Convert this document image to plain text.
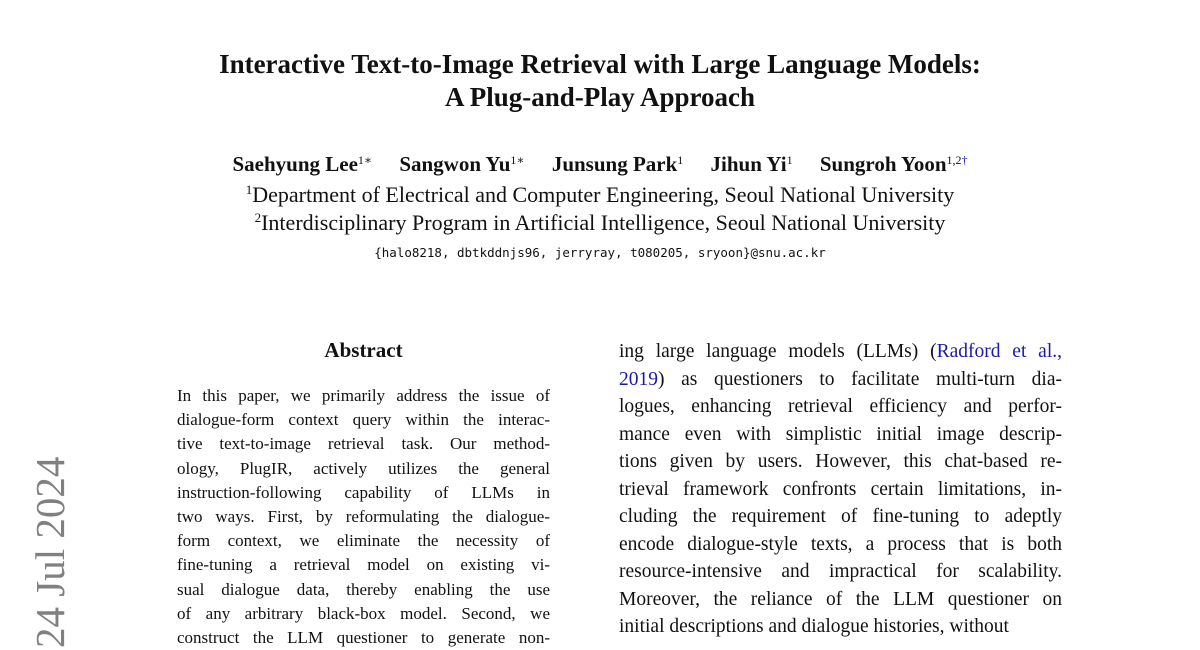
Interactive Text-to-Image Retrieval with Large Language Models:
A Plug-and-Play Approach
Saehyung Lee$^{1∗}$ Sangwon $Yu^{1∗}$ Junsung Park$^1$ Jihun Yi$^1$ Sungroh Yoon$^{1,2\dagger}$
$^1$Department of Electrical and Computer Engineering, Seoul National University
$^2$Interdisciplinary Program in Artificial Intelligence, Seoul National University
{halo8218, dbtkddnjs96, jerryray, t080205, sryoon}@snu.ac.kr
Abstract
In this paper, we primarily address the issue of
dialogue-form context query within the interac-
tive text-to-image retrieval task. Our method-
ology, PlugIR, actively utilizes the general
instruction-following capability of LLMs in
two ways. First, by reformulating the dialogue-
form context, we eliminate the necessity of
fine-tuning a retrieval model on existing vi-
sual dialogue data, thereby enabling the use
of any arbitrary black-box model. Second, we
construct the LLM questioner to generate non-
ing large language models (LLMs) (Radford et al.,
2019) as questioners to facilitate multi-turn dia-
logues, enhancing retrieval efficiency and perfor-
mance even with simplistic initial image descrip-
tions given by users. However, this chat-based re-
trieval framework confronts certain limitations, in-
cluding the requirement of fine-tuning to adeptly
encode dialogue-style texts, a process that is both
resource-intensive and impractical for scalability.
Moreover, the reliance of the LLM questioner on
initial descriptions and dialogue histories, without
24 Jul 2024
